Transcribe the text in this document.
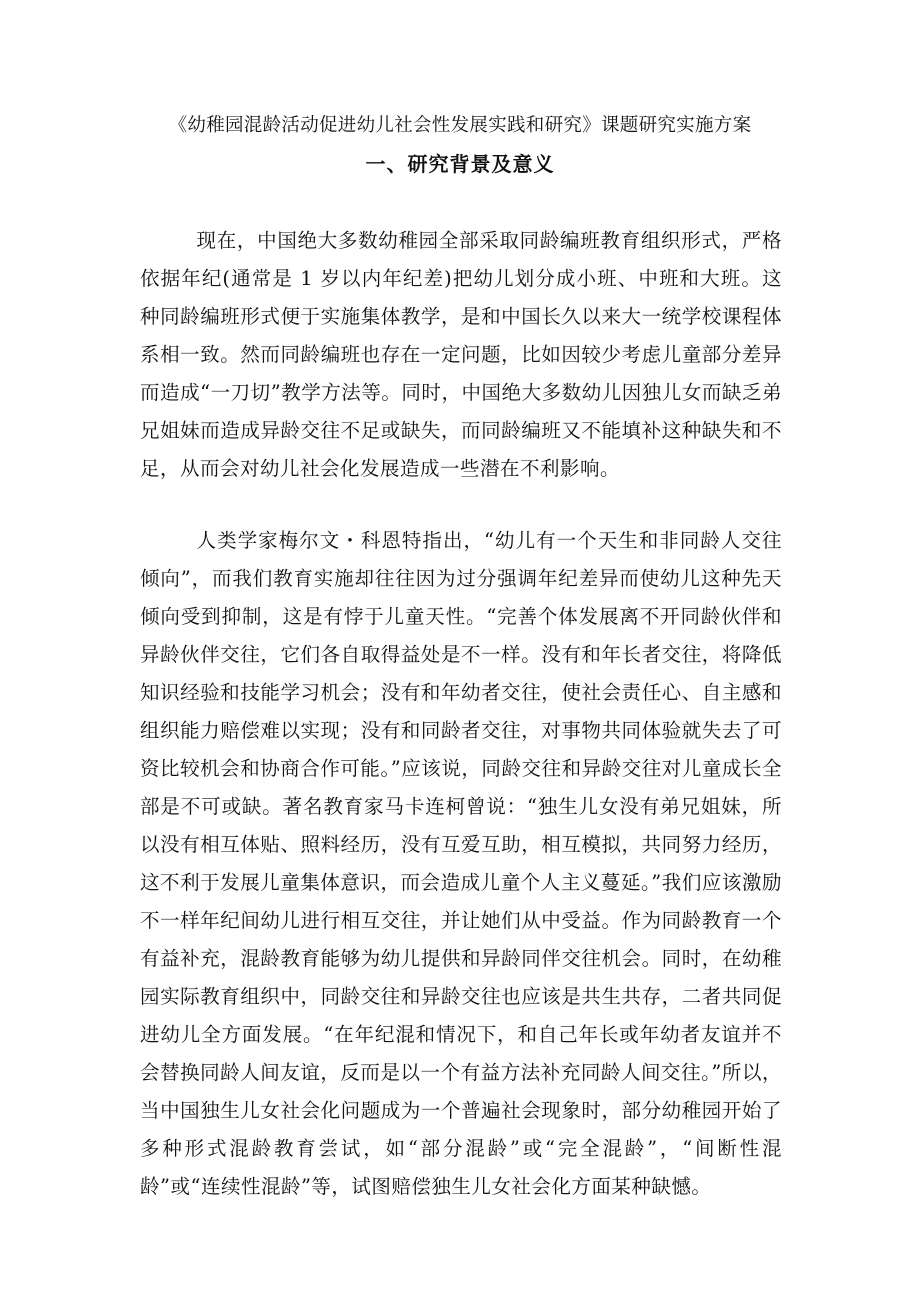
《幼稚园混龄活动促进幼儿社会性发展实践和研究》课题研究实施方案
一、研究背景及意义

现在，中国绝大多数幼稚园全部采取同龄编班教育组织形式，严格依据年纪(通常是 1 岁以内年纪差)把幼儿划分成小班、中班和大班。这种同龄编班形式便于实施集体教学，是和中国长久以来大一统学校课程体系相一致。然而同龄编班也存在一定问题，比如因较少考虑儿童部分差异而造成“一刀切”教学方法等。同时，中国绝大多数幼儿因独儿女而缺乏弟兄姐妹而造成异龄交往不足或缺失，而同龄编班又不能填补这种缺失和不足，从而会对幼儿社会化发展造成一些潜在不利影响。

人类学家梅尔文・科恩特指出，“幼儿有一个天生和非同龄人交往倾向”，而我们教育实施却往往因为过分强调年纪差异而使幼儿这种先天倾向受到抑制，这是有悖于儿童天性。“完善个体发展离不开同龄伙伴和异龄伙伴交往，它们各自取得益处是不一样。没有和年长者交往，将降低知识经验和技能学习机会；没有和年幼者交往，使社会责任心、自主感和组织能力赔偿难以实现；没有和同龄者交往，对事物共同体验就失去了可资比较机会和协商合作可能。”应该说，同龄交往和异龄交往对儿童成长全部是不可或缺。著名教育家马卡连柯曾说：“独生儿女没有弟兄姐妹，所以没有相互体贴、照料经历，没有互爱互助，相互模拟，共同努力经历，这不利于发展儿童集体意识，而会造成儿童个人主义蔓延。”我们应该激励不一样年纪间幼儿进行相互交往，并让她们从中受益。作为同龄教育一个有益补充，混龄教育能够为幼儿提供和异龄同伴交往机会。同时，在幼稚园实际教育组织中，同龄交往和异龄交往也应该是共生共存，二者共同促进幼儿全方面发展。“在年纪混和情况下，和自己年长或年幼者友谊并不会替换同龄人间友谊，反而是以一个有益方法补充同龄人间交往。”所以，当中国独生儿女社会化问题成为一个普遍社会现象时，部分幼稚园开始了多种形式混龄教育尝试，如“部分混龄”或“完全混龄”，“间断性混龄”或“连续性混龄”等，试图赔偿独生儿女社会化方面某种缺憾。
